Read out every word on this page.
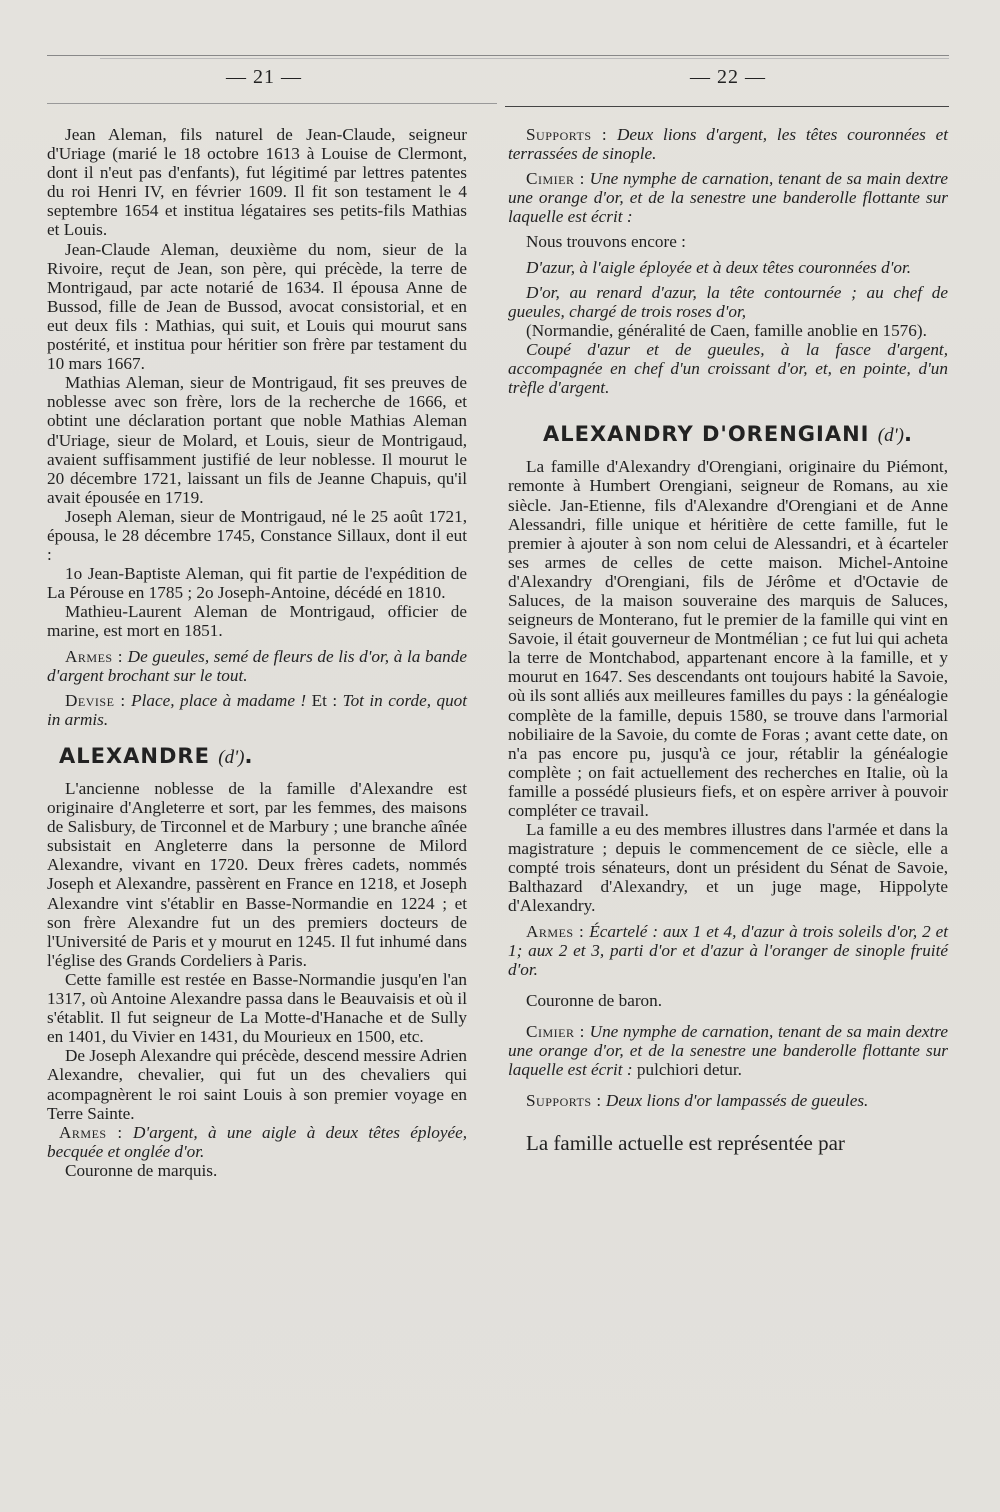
— 21 —	— 22 —

Jean Aleman, fils naturel de Jean-Claude, seigneur d'Uriage (marié le 18 octobre 1613 à Louise de Clermont, dont il n'eut pas d'enfants), fut légitimé par lettres patentes du roi Henri IV, en février 1609. Il fit son testament le 4 septembre 1654 et institua légataires ses petits-fils Mathias et Louis.

Jean-Claude Aleman, deuxième du nom, sieur de la Rivoire, reçut de Jean, son père, qui précède, la terre de Montrigaud, par acte notarié de 1634. Il épousa Anne de Bussod, fille de Jean de Bussod, avocat consistorial, et en eut deux fils : Mathias, qui suit, et Louis qui mourut sans postérité, et institua pour héritier son frère par testament du 10 mars 1667.

Mathias Aleman, sieur de Montrigaud, fit ses preuves de noblesse avec son frère, lors de la recherche de 1666, et obtint une déclaration portant que noble Mathias Aleman d'Uriage, sieur de Molard, et Louis, sieur de Montrigaud, avaient suffisamment justifié de leur noblesse. Il mourut le 20 décembre 1721, laissant un fils de Jeanne Chapuis, qu'il avait épousée en 1719.

Joseph Aleman, sieur de Montrigaud, né le 25 août 1721, épousa, le 28 décembre 1745, Constance Sillaux, dont il eut :

1o Jean-Baptiste Aleman, qui fit partie de l'expédition de La Pérouse en 1785 ; 2o Joseph-Antoine, décédé en 1810.

Mathieu-Laurent Aleman de Montrigaud, officier de marine, est mort en 1851.

Armes : De gueules, semé de fleurs de lis d'or, à la bande d'argent brochant sur le tout.

Devise : Place, place à madame ! Et : Tot in corde, quot in armis.

ALEXANDRE (d').

L'ancienne noblesse de la famille d'Alexandre est originaire d'Angleterre et sort, par les femmes, des maisons de Salisbury, de Tirconnel et de Marbury ; une branche aînée subsistait en Angleterre dans la personne de Milord Alexandre, vivant en 1720. Deux frères cadets, nommés Joseph et Alexandre, passèrent en France en 1218, et Joseph Alexandre vint s'établir en Basse-Normandie en 1224 ; et son frère Alexandre fut un des premiers docteurs de l'Université de Paris et y mourut en 1245. Il fut inhumé dans l'église des Grands Cordeliers à Paris.

Cette famille est restée en Basse-Normandie jusqu'en l'an 1317, où Antoine Alexandre passa dans le Beauvaisis et où il s'établit. Il fut seigneur de La Motte-d'Hanache et de Sully en 1401, du Vivier en 1431, du Mourieux en 1500, etc.

De Joseph Alexandre qui précède, descend messire Adrien Alexandre, chevalier, qui fut un des chevaliers qui acompagnèrent le roi saint Louis à son premier voyage en Terre Sainte.

Armes : D'argent, à une aigle à deux têtes éployée, becquée et onglée d'or.

Couronne de marquis.

Supports : Deux lions d'argent, les têtes couronnées et terrassées de sinople.

Cimier : Une nymphe de carnation, tenant de sa main dextre une orange d'or, et de la senestre une banderolle flottante sur laquelle est écrit :

Nous trouvons encore :

D'azur, à l'aigle éployée et à deux têtes couronnées d'or.

D'or, au renard d'azur, la tête contournée ; au chef de gueules, chargé de trois roses d'or,

(Normandie, généralité de Caen, famille anoblie en 1576).

Coupé d'azur et de gueules, à la fasce d'argent, accompagnée en chef d'un croissant d'or, et, en pointe, d'un trèfle d'argent.

ALEXANDRY D'ORENGIANI (d').

La famille d'Alexandry d'Orengiani, originaire du Piémont, remonte à Humbert Orengiani, seigneur de Romans, au xie siècle. Jan-Etienne, fils d'Alexandre d'Orengiani et de Anne Alessandri, fille unique et héritière de cette famille, fut le premier à ajouter à son nom celui de Alessandri, et à écarteler ses armes de celles de cette maison. Michel-Antoine d'Alexandry d'Orengiani, fils de Jérôme et d'Octavie de Saluces, de la maison souveraine des marquis de Saluces, seigneurs de Monterano, fut le premier de la famille qui vint en Savoie, il était gouverneur de Montmélian ; ce fut lui qui acheta la terre de Montchabod, appartenant encore à la famille, et y mourut en 1647. Ses descendants ont toujours habité la Savoie, où ils sont alliés aux meilleures familles du pays : la généalogie complète de la famille, depuis 1580, se trouve dans l'armorial nobiliaire de la Savoie, du comte de Foras ; avant cette date, on n'a pas encore pu, jusqu'à ce jour, rétablir la généalogie complète ; on fait actuellement des recherches en Italie, où la famille a possédé plusieurs fiefs, et on espère arriver à pouvoir compléter ce travail.

La famille a eu des membres illustres dans l'armée et dans la magistrature ; depuis le commencement de ce siècle, elle a compté trois sénateurs, dont un président du Sénat de Savoie, Balthazard d'Alexandry, et un juge mage, Hippolyte d'Alexandry.

Armes : Écartelé : aux 1 et 4, d'azur à trois soleils d'or, 2 et 1; aux 2 et 3, parti d'or et d'azur à l'oranger de sinople fruité d'or.

Couronne de baron.

Cimier : Une nymphe de carnation, tenant de sa main dextre une orange d'or, et de la senestre une banderolle flottante sur laquelle est écrit : pulchiori detur.

Supports : Deux lions d'or lampassés de gueules.

La famille actuelle est représentée par
